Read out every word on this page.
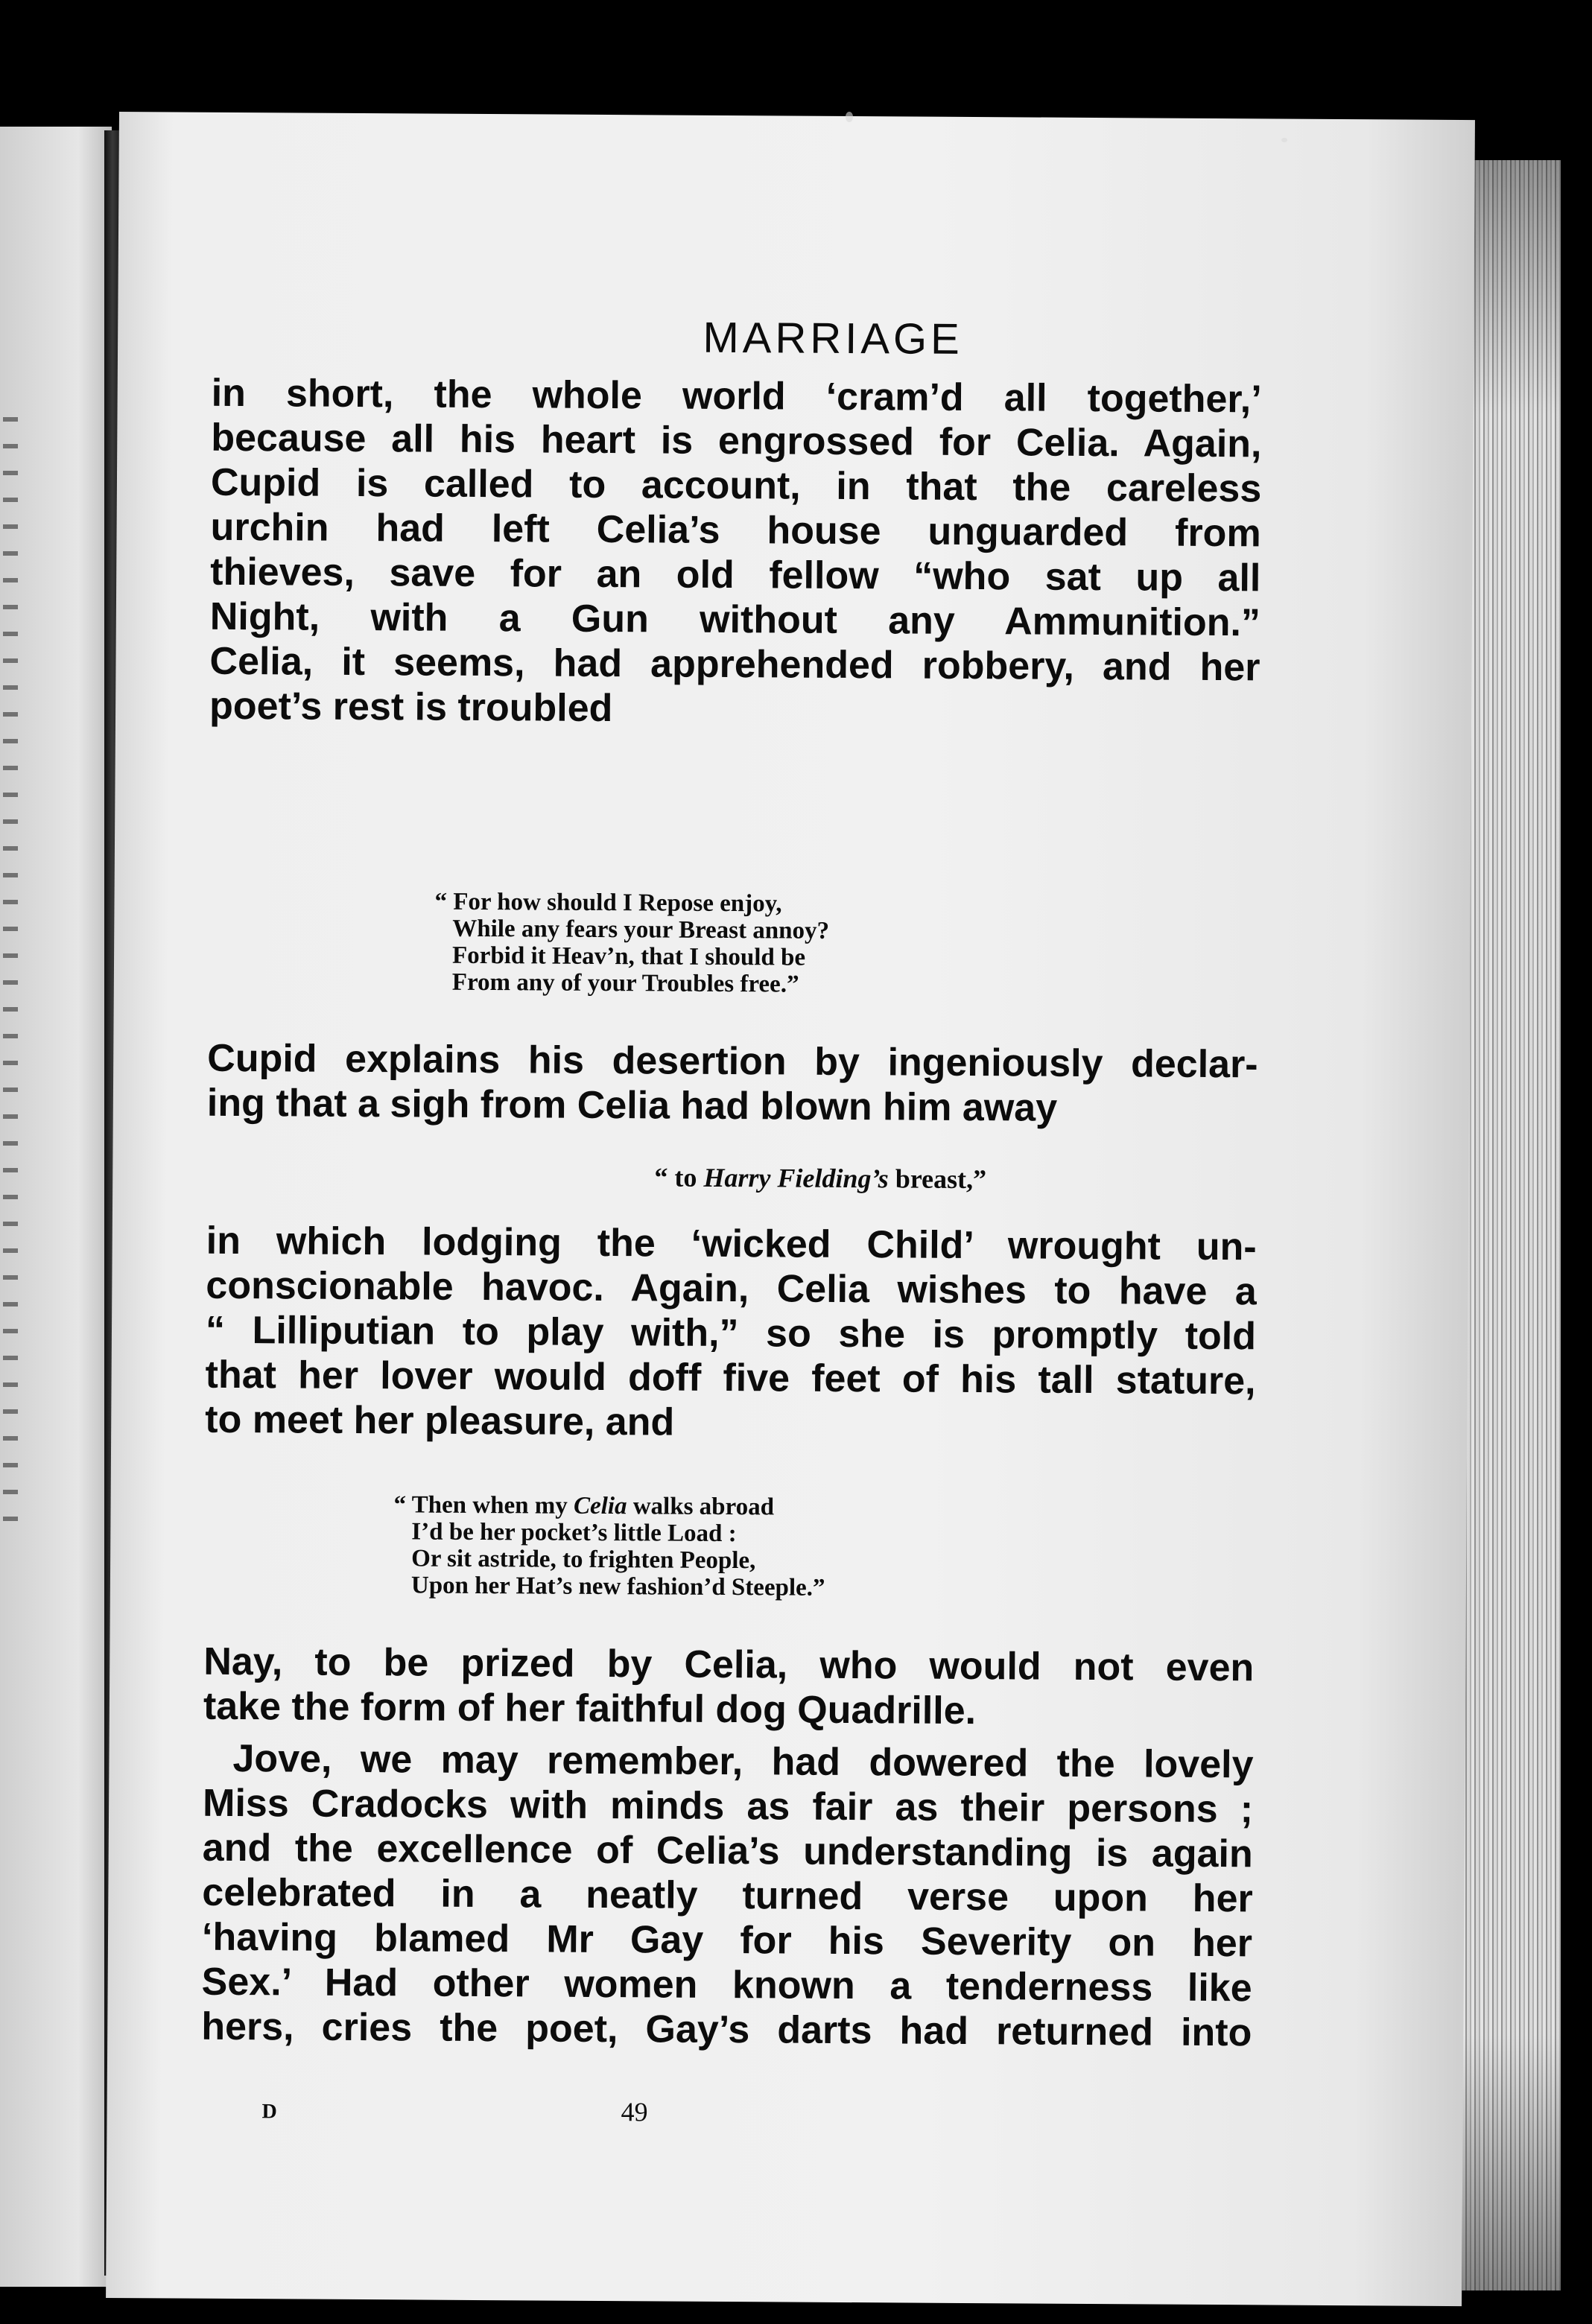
MARRIAGE
in short, the whole world ‘cram’d all together,’
because all his heart is engrossed for Celia. Again,
Cupid is called to account, in that the careless
urchin had left Celia’s house unguarded from
thieves, save for an old fellow “who sat up all
Night, with a Gun without any Ammunition.”
Celia, it seems, had apprehended robbery, and her
poet’s rest is troubled
“ For how should I Repose enjoy,
While any fears your Breast annoy?
Forbid it Heav’n, that I should be
From any of your Troubles free.”
Cupid explains his desertion by ingeniously declar-
ing that a sigh from Celia had blown him away
“ to Harry Fielding’s breast,”
in which lodging the ‘wicked Child’ wrought un-
conscionable havoc. Again, Celia wishes to have a
“ Lilliputian to play with,” so she is promptly told
that her lover would doff five feet of his tall stature,
to meet her pleasure, and
“ Then when my Celia walks abroad
I’d be her pocket’s little Load :
Or sit astride, to frighten People,
Upon her Hat’s new fashion’d Steeple.”
Nay, to be prized by Celia, who would not even
take the form of her faithful dog Quadrille.
Jove, we may remember, had dowered the lovely
Miss Cradocks with minds as fair as their persons ;
and the excellence of Celia’s understanding is again
celebrated in a neatly turned verse upon her
‘having blamed Mr Gay for his Severity on her
Sex.’ Had other women known a tenderness like
hers, cries the poet, Gay’s darts had returned into
D	49
